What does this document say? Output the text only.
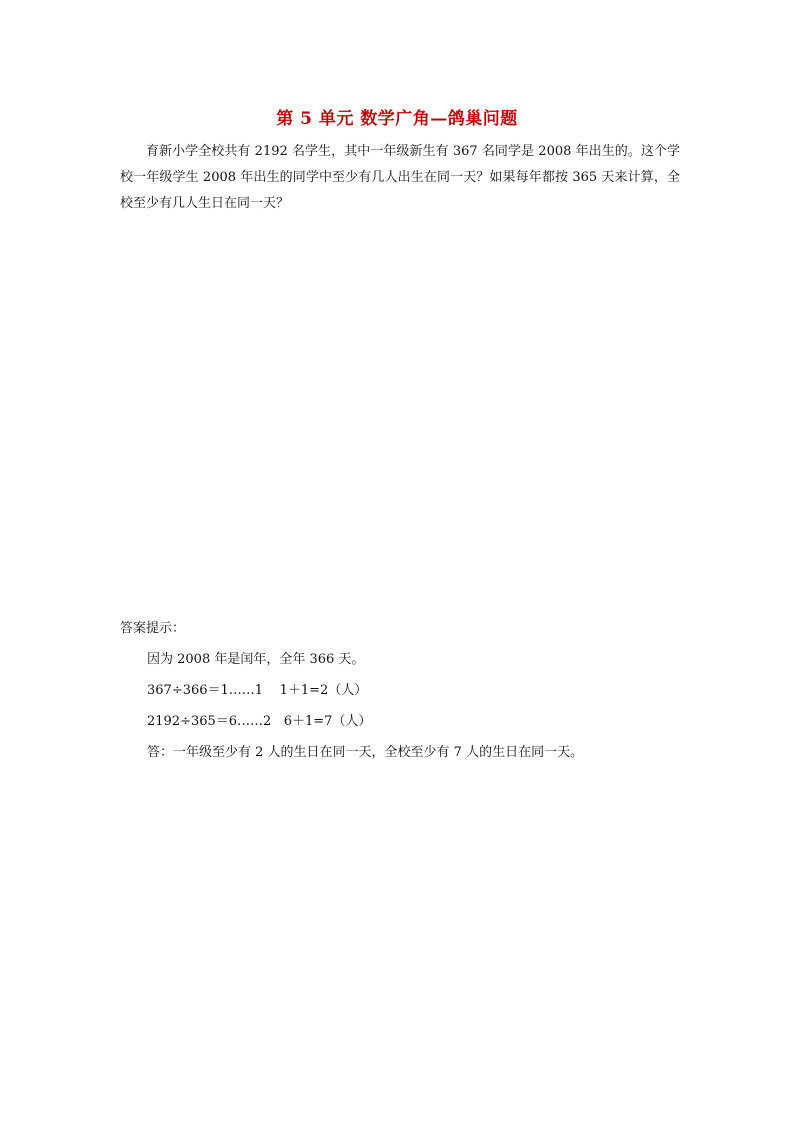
第 5 单元 数学广角—鸽巢问题

育新小学全校共有 2192 名学生，其中一年级新生有 367 名同学是 2008 年出生的。这个学校一年级学生 2008 年出生的同学中至少有几人出生在同一天？如果每年都按 365 天来计算，全校至少有几人生日在同一天？

答案提示：
因为 2008 年是闰年，全年 366 天。
367÷366＝1……1    1＋1=2（人）
2192÷365＝6……2   6＋1=7（人）
答：一年级至少有 2 人的生日在同一天，全校至少有 7 人的生日在同一天。
